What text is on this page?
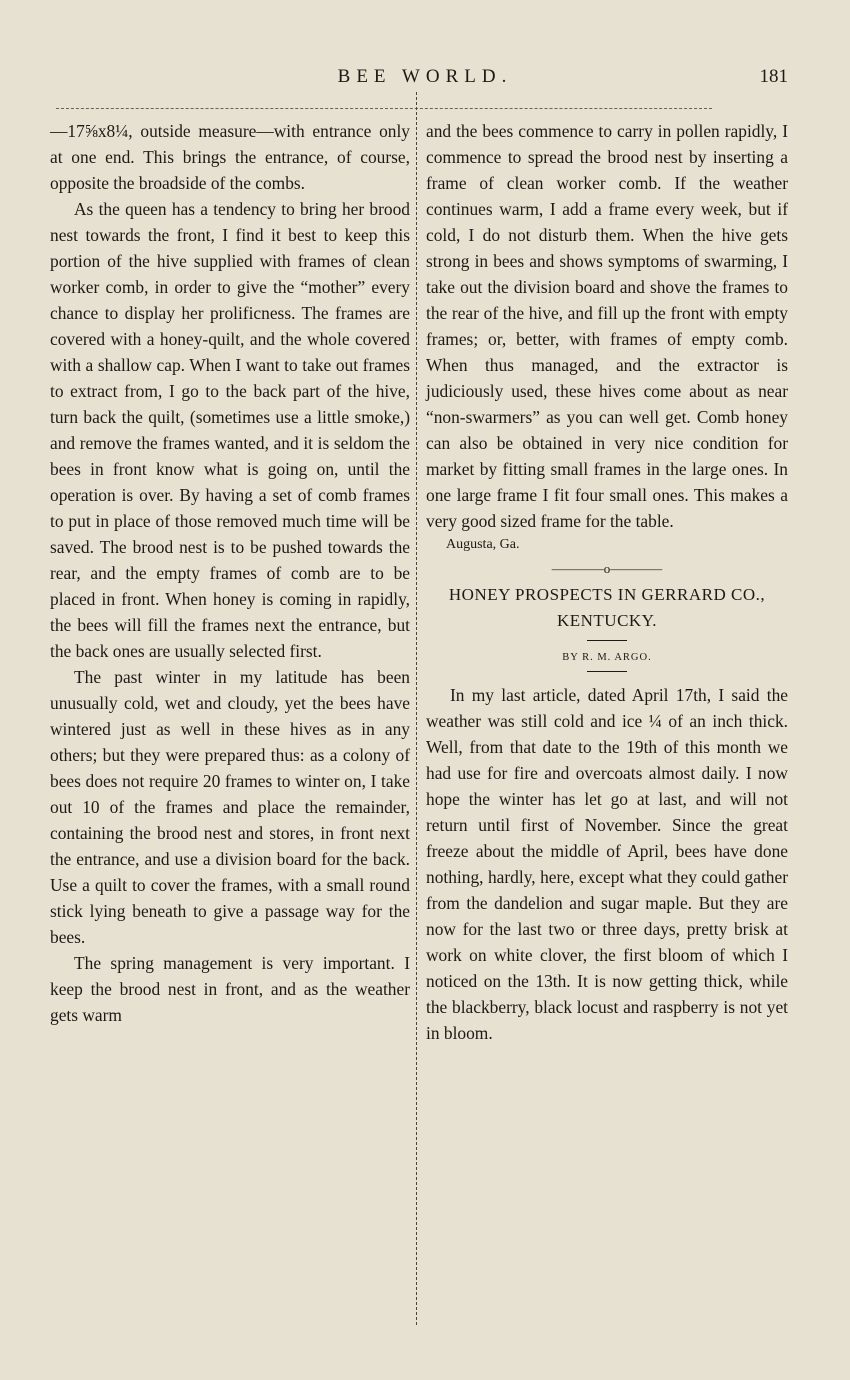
BEE WORLD.	181

—17⅝x8¼, outside measure—with entrance only at one end. This brings the entrance, of course, opposite the broadside of the combs.

As the queen has a tendency to bring her brood nest towards the front, I find it best to keep this portion of the hive supplied with frames of clean worker comb, in order to give the “mother” every chance to display her prolificness. The frames are covered with a honey-quilt, and the whole covered with a shallow cap. When I want to take out frames to extract from, I go to the back part of the hive, turn back the quilt, (sometimes use a little smoke,) and remove the frames wanted, and it is seldom the bees in front know what is going on, until the operation is over. By having a set of comb frames to put in place of those removed much time will be saved. The brood nest is to be pushed towards the rear, and the empty frames of comb are to be placed in front. When honey is coming in rapidly, the bees will fill the frames next the entrance, but the back ones are usually selected first.

The past winter in my latitude has been unusually cold, wet and cloudy, yet the bees have wintered just as well in these hives as in any others; but they were prepared thus: as a colony of bees does not require 20 frames to winter on, I take out 10 of the frames and place the remainder, containing the brood nest and stores, in front next the entrance, and use a division board for the back. Use a quilt to cover the frames, with a small round stick lying beneath to give a passage way for the bees.

The spring management is very important. I keep the brood nest in front, and as the weather gets warm

and the bees commence to carry in pollen rapidly, I commence to spread the brood nest by inserting a frame of clean worker comb. If the weather continues warm, I add a frame every week, but if cold, I do not disturb them. When the hive gets strong in bees and shows symptoms of swarming, I take out the division board and shove the frames to the rear of the hive, and fill up the front with empty frames; or, better, with frames of empty comb. When thus managed, and the extractor is judiciously used, these hives come about as near “non-swarmers” as you can well get. Comb honey can also be obtained in very nice condition for market by fitting small frames in the large ones. In one large frame I fit four small ones. This makes a very good sized frame for the table.

Augusta, Ga.
————o————
HONEY PROSPECTS IN GERRARD CO., KENTUCKY.
BY R. M. ARGO.

In my last article, dated April 17th, I said the weather was still cold and ice ¼ of an inch thick. Well, from that date to the 19th of this month we had use for fire and overcoats almost daily. I now hope the winter has let go at last, and will not return until first of November. Since the great freeze about the middle of April, bees have done nothing, hardly, here, except what they could gather from the dandelion and sugar maple. But they are now for the last two or three days, pretty brisk at work on white clover, the first bloom of which I noticed on the 13th. It is now getting thick, while the blackberry, black locust and raspberry is not yet in bloom.
